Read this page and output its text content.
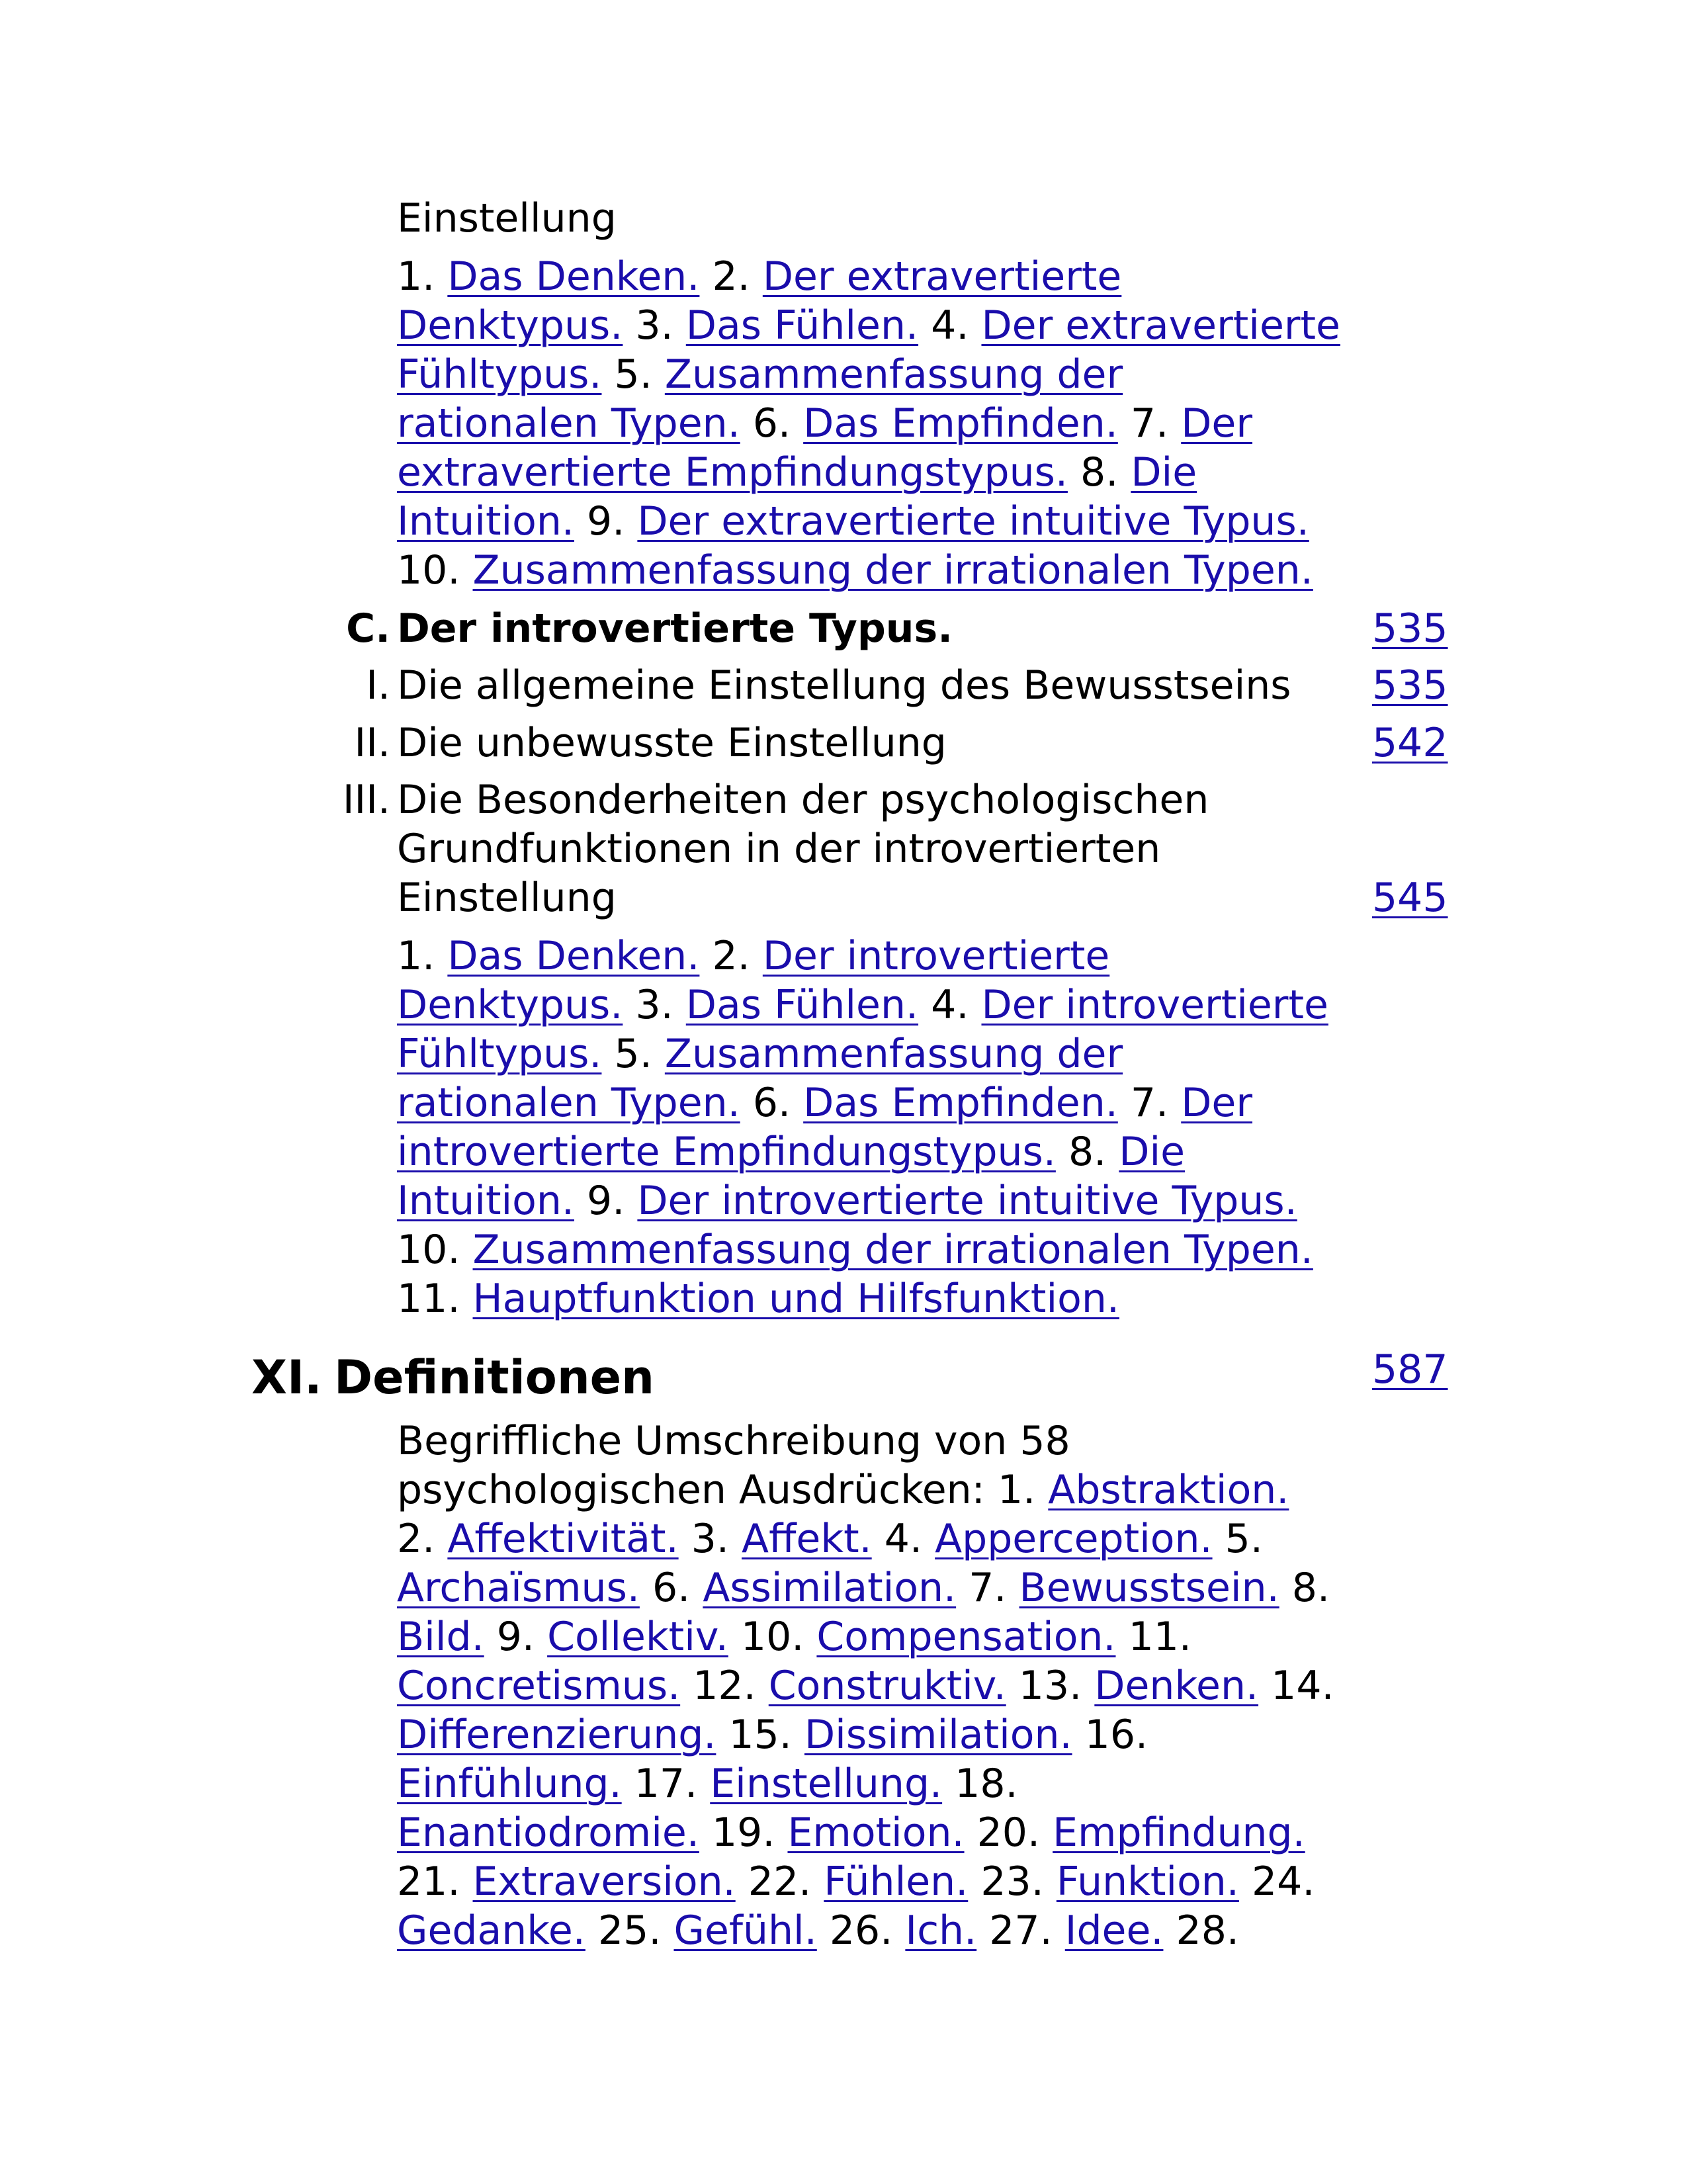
Einstellung
1. Das Denken. 2. Der extravertierte
Denktypus. 3. Das Fühlen. 4. Der extravertierte
Fühltypus. 5. Zusammenfassung der
rationalen Typen. 6. Das Empfinden. 7. Der
extravertierte Empfindungstypus. 8. Die
Intuition. 9. Der extravertierte intuitive Typus.
10. Zusammenfassung der irrationalen Typen.
C. Der introvertierte Typus.	535
I. Die allgemeine Einstellung des Bewusstseins	535
II. Die unbewusste Einstellung	542
III. Die Besonderheiten der psychologischen
Grundfunktionen in der introvertierten
Einstellung	545
1. Das Denken. 2. Der introvertierte
Denktypus. 3. Das Fühlen. 4. Der introvertierte
Fühltypus. 5. Zusammenfassung der
rationalen Typen. 6. Das Empfinden. 7. Der
introvertierte Empfindungstypus. 8. Die
Intuition. 9. Der introvertierte intuitive Typus.
10. Zusammenfassung der irrationalen Typen.
11. Hauptfunktion und Hilfsfunktion.
XI. Definitionen	587
Begriffliche Umschreibung von 58
psychologischen Ausdrücken: 1. Abstraktion.
2. Affektivität. 3. Affekt. 4. Apperception. 5.
Archaïsmus. 6. Assimilation. 7. Bewusstsein. 8.
Bild. 9. Collektiv. 10. Compensation. 11.
Concretismus. 12. Construktiv. 13. Denken. 14.
Differenzierung. 15. Dissimilation. 16.
Einfühlung. 17. Einstellung. 18.
Enantiodromie. 19. Emotion. 20. Empfindung.
21. Extraversion. 22. Fühlen. 23. Funktion. 24.
Gedanke. 25. Gefühl. 26. Ich. 27. Idee. 28.
